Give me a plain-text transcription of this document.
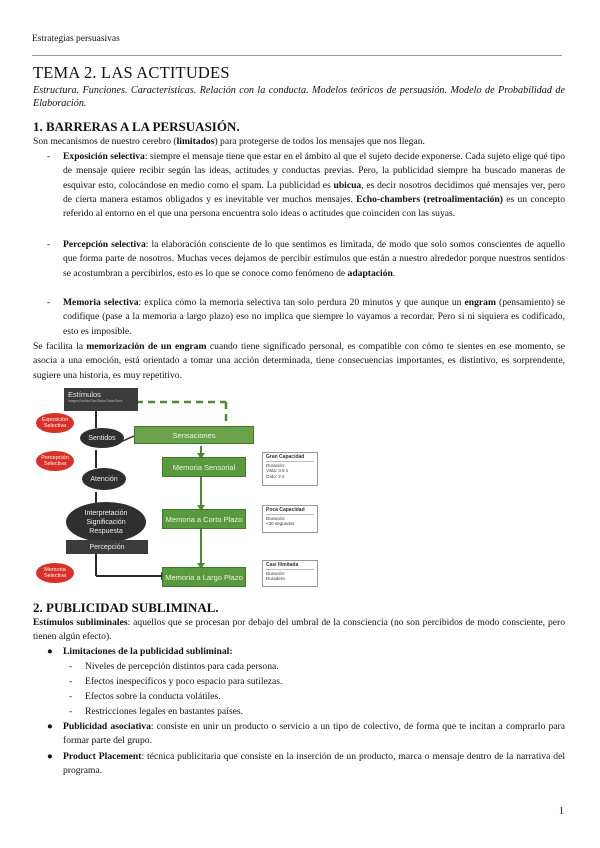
Estrategias persuasivas
TEMA 2. LAS ACTITUDES
Estructura. Funciones. Características. Relación con la conducta. Modelos teóricos de persuasión. Modelo de Probabilidad de Elaboración.
1. BARRERAS A LA PERSUASIÓN.
Son mecanismos de nuestro cerebro (limitados) para protegerse de todos los mensajes que nos llegan.
- Exposición selectiva: siempre el mensaje tiene que estar en el ámbito al que el sujeto decide exponerse. Cada sujeto elige qué tipo de mensaje quiere recibir según las ideas, actitudes y conductas previas. Pero, la publicidad siempre ha buscado maneras de esquivar esto, colocándose en medio como el spam. La publicidad es ubicua, es decir nosotros decidimos qué mensajes ver, pero de cierta manera estamos obligados y es inevitable ver muchos mensajes. Echo-chambers (retroalimentación) es un concepto referido al entorno en el que una persona encuentra solo ideas o actitudes que coinciden con las suyas.
- Percepción selectiva: la elaboración consciente de lo que sentimos es limitada, de modo que solo somos conscientes de aquello que forma parte de nosotros. Muchas veces dejamos de percibir estímulos que están a nuestro alrededor porque nuestros sentidos se acostumbran a percibirlos, esto es lo que se conoce como fenómeno de adaptación.
- Memoria selectiva: explica cómo la memoria selectiva tan solo perdura 20 minutos y que aunque un engram (pensamiento) se codifique (pase a la memoria a largo plazo) eso no implica que siempre lo vayamos a recordar. Pero si ni siquiera es codificado, esto es imposible.
Se facilita la memorización de un engram cuando tiene significado personal, es compatible con cómo te sientes en ese momento, se asocia a una emoción, está orientado a tomar una acción determinada, tiene consecuencias importantes, es distintivo, es sorprendente, sugiere una historia, es muy repetitivo.
Estímulos
Imagen/Sonido/Olor/Sabor/Tacto/Sens
Exposición Selectiva
Percepción Selectiva
Memoria Selectiva
Sentidos
Atención
Interpretación
Significación
Respuesta
Percepción
Sensaciones
Memoria Sensorial
Memoria a Corto Plazo
Memoria a Largo Plazo
Gran Capacidad
Duración:
Vista: 0.5 s
Oído: 2 s
Poca Capacidad
Duración:
<30 segundos
Casi Ilimitada
Duración:
Duradera
2. PUBLICIDAD SUBLIMINAL.
Estímulos subliminales: aquellos que se procesan por debajo del umbral de la consciencia (no son percibidos de modo consciente, pero tienen algún efecto).
● Limitaciones de la publicidad subliminal:
- Niveles de percepción distintos para cada persona.
- Efectos inespecíficos y poco espacio para sutilezas.
- Efectos sobre la conducta volátiles.
- Restricciones legales en bastantes países.
● Publicidad asociativa: consiste en unir un producto o servicio a un tipo de colectivo, de forma que te incitan a comprarlo para formar parte del grupo.
● Product Placement: técnica publicitaria que consiste en la inserción de un producto, marca o mensaje dentro de la narrativa del programa.
1
